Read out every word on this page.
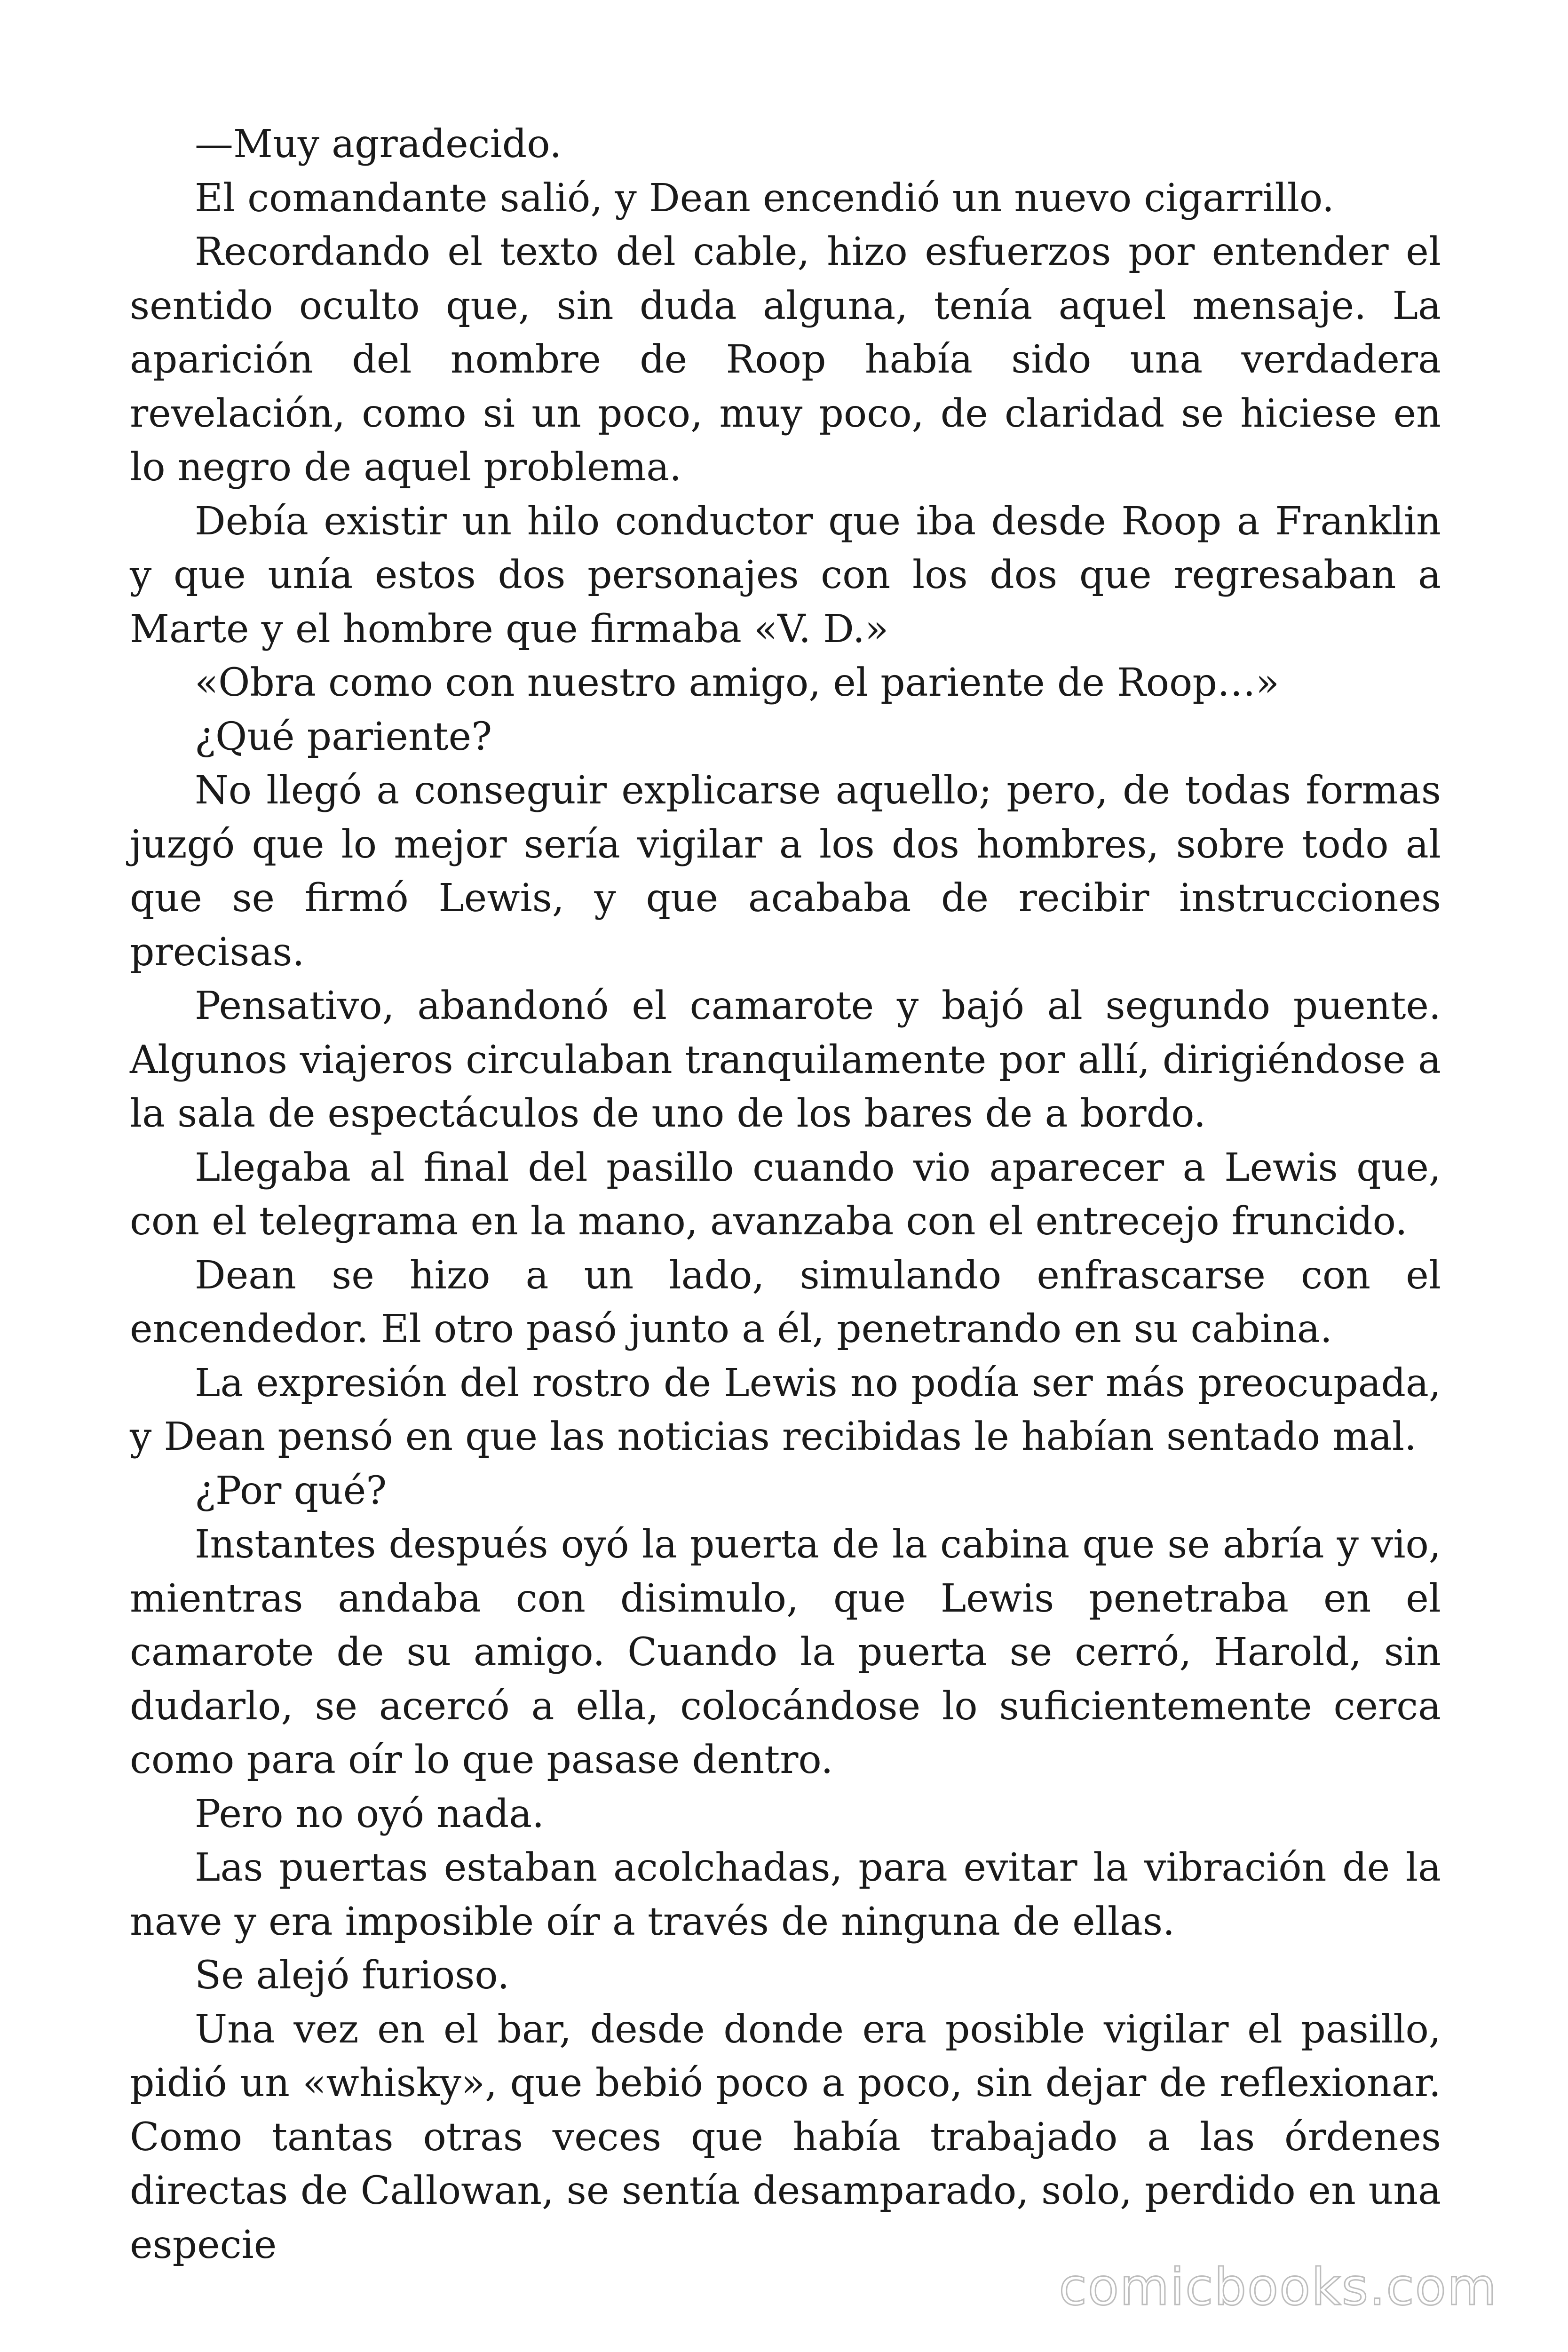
—Muy agradecido.

El comandante salió, y Dean encendió un nuevo cigarrillo.

Recordando el texto del cable, hizo esfuerzos por entender el sentido oculto que, sin duda alguna, tenía aquel mensaje. La aparición del nombre de Roop había sido una verdadera revelación, como si un poco, muy poco, de claridad se hiciese en lo negro de aquel problema.

Debía existir un hilo conductor que iba desde Roop a Franklin y que unía estos dos personajes con los dos que regresaban a Marte y el hombre que firmaba «V. D.»

«Obra como con nuestro amigo, el pariente de Roop…»

¿Qué pariente?

No llegó a conseguir explicarse aquello; pero, de todas formas juzgó que lo mejor sería vigilar a los dos hombres, sobre todo al que se firmó Lewis, y que acababa de recibir instrucciones precisas.

Pensativo, abandonó el camarote y bajó al segundo puente. Algunos viajeros circulaban tranquilamente por allí, dirigiéndose a la sala de espectáculos de uno de los bares de a bordo.

Llegaba al final del pasillo cuando vio aparecer a Lewis que, con el telegrama en la mano, avanzaba con el entrecejo fruncido.

Dean se hizo a un lado, simulando enfrascarse con el encendedor. El otro pasó junto a él, penetrando en su cabina.

La expresión del rostro de Lewis no podía ser más preocupada, y Dean pensó en que las noticias recibidas le habían sentado mal.

¿Por qué?

Instantes después oyó la puerta de la cabina que se abría y vio, mientras andaba con disimulo, que Lewis penetraba en el camarote de su amigo. Cuando la puerta se cerró, Harold, sin dudarlo, se acercó a ella, colocándose lo suficientemente cerca como para oír lo que pasase dentro.

Pero no oyó nada.

Las puertas estaban acolchadas, para evitar la vibración de la nave y era imposible oír a través de ninguna de ellas.

Se alejó furioso.

Una vez en el bar, desde donde era posible vigilar el pasillo, pidió un «whisky», que bebió poco a poco, sin dejar de reflexionar. Como tantas otras veces que había trabajado a las órdenes directas de Callowan, se sentía desamparado, solo, perdido en una especie

comicbooks.com
